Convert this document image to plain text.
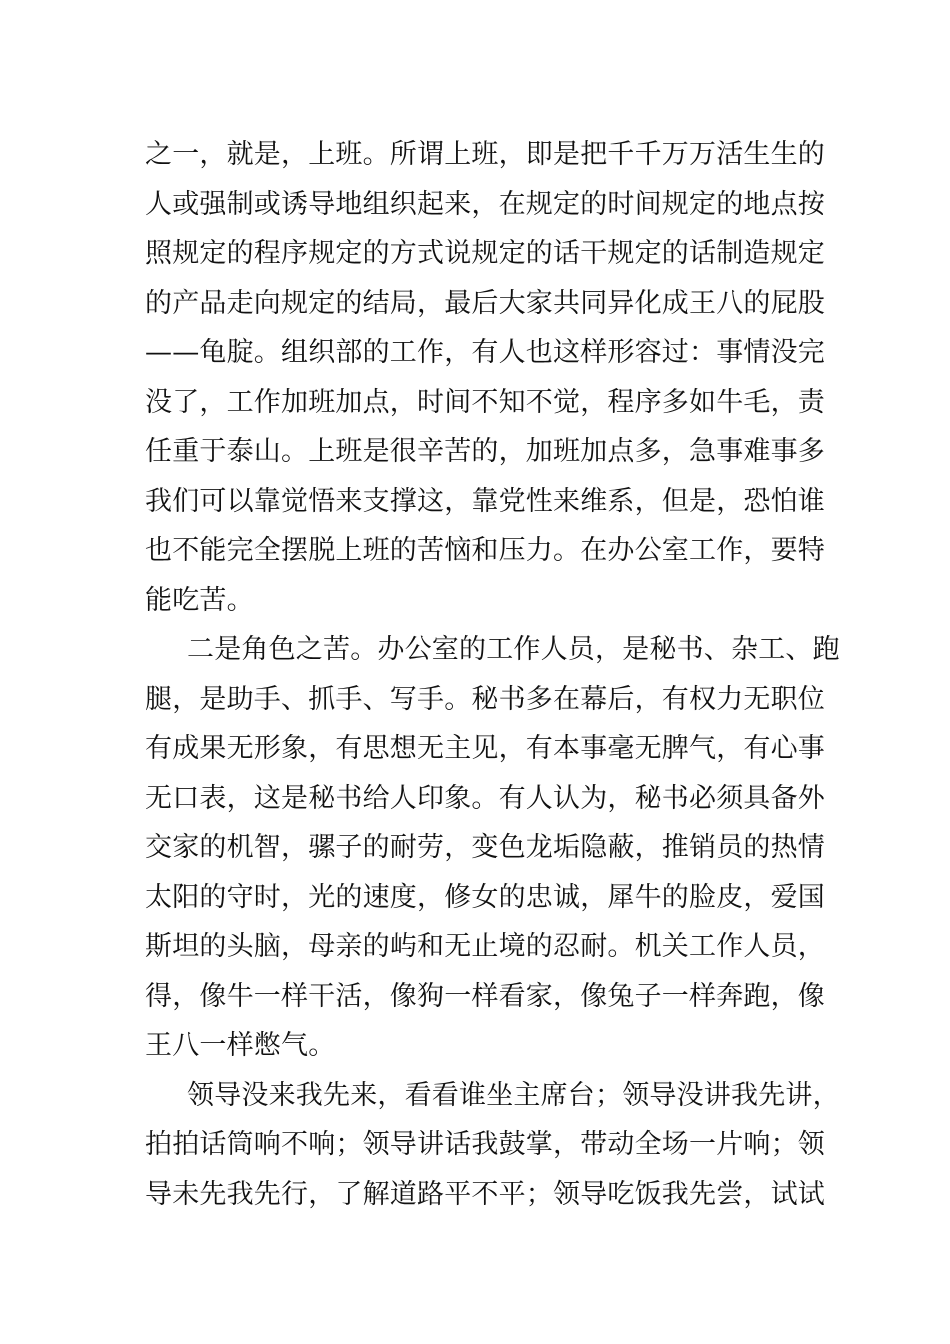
之一，就是，上班。所谓上班，即是把千千万万活生生的
人或强制或诱导地组织起来，在规定的时间规定的地点按
照规定的程序规定的方式说规定的话干规定的话制造规定
的产品走向规定的结局，最后大家共同异化成王八的屁股
——龟腚。组织部的工作，有人也这样形容过：事情没完
没了，工作加班加点，时间不知不觉，程序多如牛毛，责
任重于泰山。上班是很辛苦的，加班加点多，急事难事多
我们可以靠觉悟来支撑这，靠党性来维系，但是，恐怕谁
也不能完全摆脱上班的苦恼和压力。在办公室工作，要特
能吃苦。
二是角色之苦。办公室的工作人员，是秘书、杂工、跑
腿，是助手、抓手、写手。秘书多在幕后，有权力无职位
有成果无形象，有思想无主见，有本事毫无脾气，有心事
无口表，这是秘书给人印象。有人认为，秘书必须具备外
交家的机智，骡子的耐劳，变色龙垢隐蔽，推销员的热情
太阳的守时，光的速度，修女的忠诚，犀牛的脸皮，爱国
斯坦的头脑，母亲的屿和无止境的忍耐。机关工作人员，
得，像牛一样干活，像狗一样看家，像兔子一样奔跑，像
王八一样憋气。
领导没来我先来，看看谁坐主席台；领导没讲我先讲，
拍拍话筒响不响；领导讲话我鼓掌，带动全场一片响；领
导未先我先行，了解道路平不平；领导吃饭我先尝，试试
